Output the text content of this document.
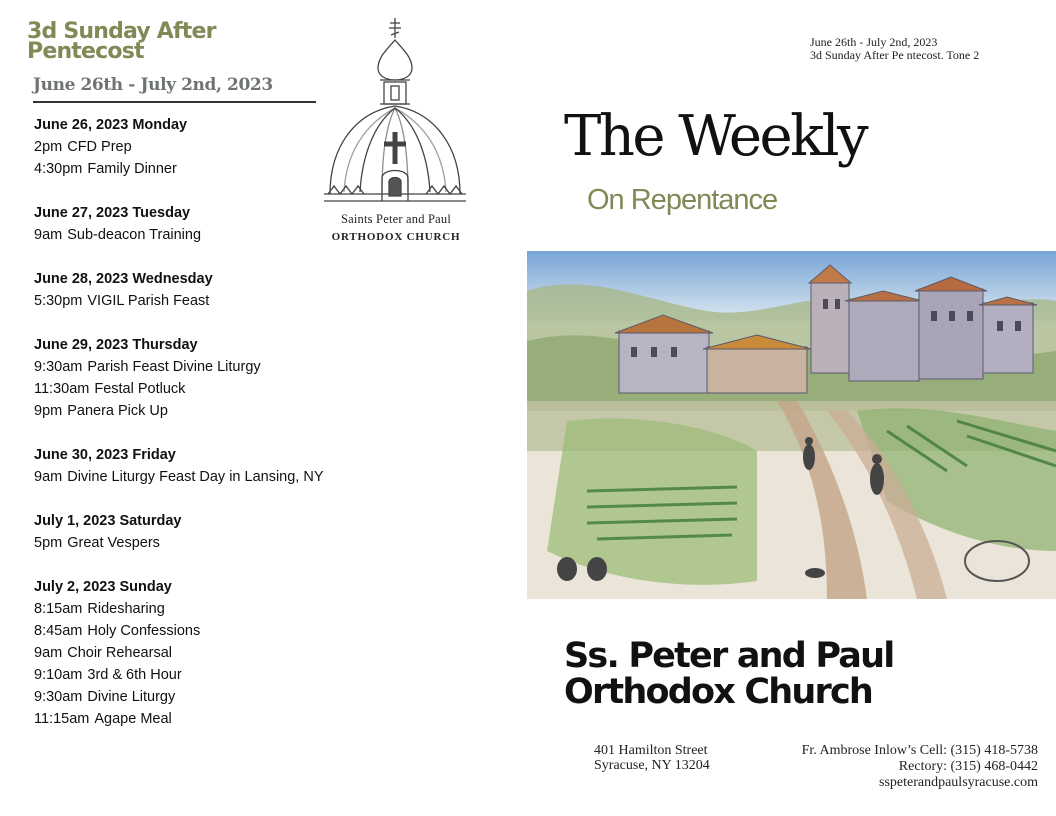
3d Sunday After Pentecost
June 26th - July 2nd, 2023
June 26, 2023 Monday
2pm CFD Prep
4:30pm Family Dinner
June 27, 2023 Tuesday
9am Sub-deacon Training
June 28, 2023 Wednesday
5:30pm VIGIL Parish Feast
June 29, 2023 Thursday
9:30am Parish Feast Divine Liturgy
11:30am Festal Potluck
9pm Panera Pick Up
June 30, 2023 Friday
9am Divine Liturgy Feast Day in Lansing, NY
July 1, 2023 Saturday
5pm Great Vespers
July 2, 2023 Sunday
8:15am Ridesharing
8:45am Holy Confessions
9am Choir Rehearsal
9:10am 3rd & 6th Hour
9:30am Divine Liturgy
11:15am Agape Meal
Saints Peter and Paul
ORTHODOX CHURCH
June 26th - July 2nd, 2023
3d Sunday After Pe ntecost. Tone 2
The Weekly
On Repentance
Ss. Peter and Paul
Orthodox Church
401 Hamilton Street
Syracuse, NY 13204
Fr. Ambrose Inlow’s Cell: (315) 418-5738
Rectory: (315) 468-0442
sspeterandpaulsyracuse.com
